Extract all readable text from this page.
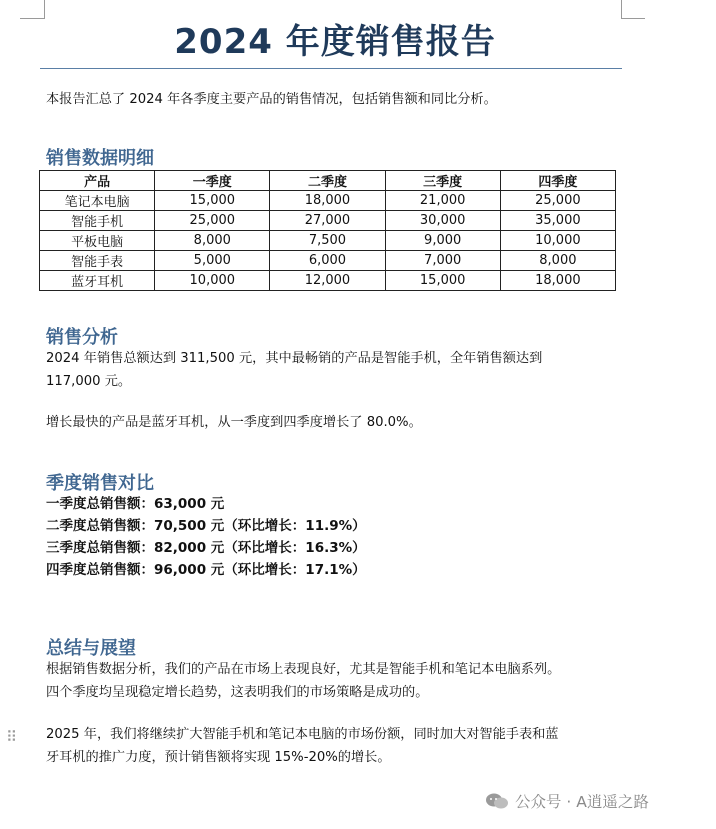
2024 年度销售报告
本报告汇总了 2024 年各季度主要产品的销售情况，包括销售额和同比分析。
销售数据明细
产品	一季度	二季度	三季度	四季度
笔记本电脑	15,000	18,000	21,000	25,000
智能手机	25,000	27,000	30,000	35,000
平板电脑	8,000	7,500	9,000	10,000
智能手表	5,000	6,000	7,000	8,000
蓝牙耳机	10,000	12,000	15,000	18,000
销售分析
2024 年销售总额达到 311,500 元，其中最畅销的产品是智能手机，全年销售额达到
117,000 元。
增长最快的产品是蓝牙耳机，从一季度到四季度增长了 80.0%。
季度销售对比
一季度总销售额：63,000 元
二季度总销售额：70,500 元（环比增长：11.9%）
三季度总销售额：82,000 元（环比增长：16.3%）
四季度总销售额：96,000 元（环比增长：17.1%）
总结与展望
根据销售数据分析，我们的产品在市场上表现良好，尤其是智能手机和笔记本电脑系列。
四个季度均呈现稳定增长趋势，这表明我们的市场策略是成功的。
2025 年，我们将继续扩大智能手机和笔记本电脑的市场份额，同时加大对智能手表和蓝
牙耳机的推广力度，预计销售额将实现 15%-20%的增长。
⠿
公众号 · A逍遥之路
